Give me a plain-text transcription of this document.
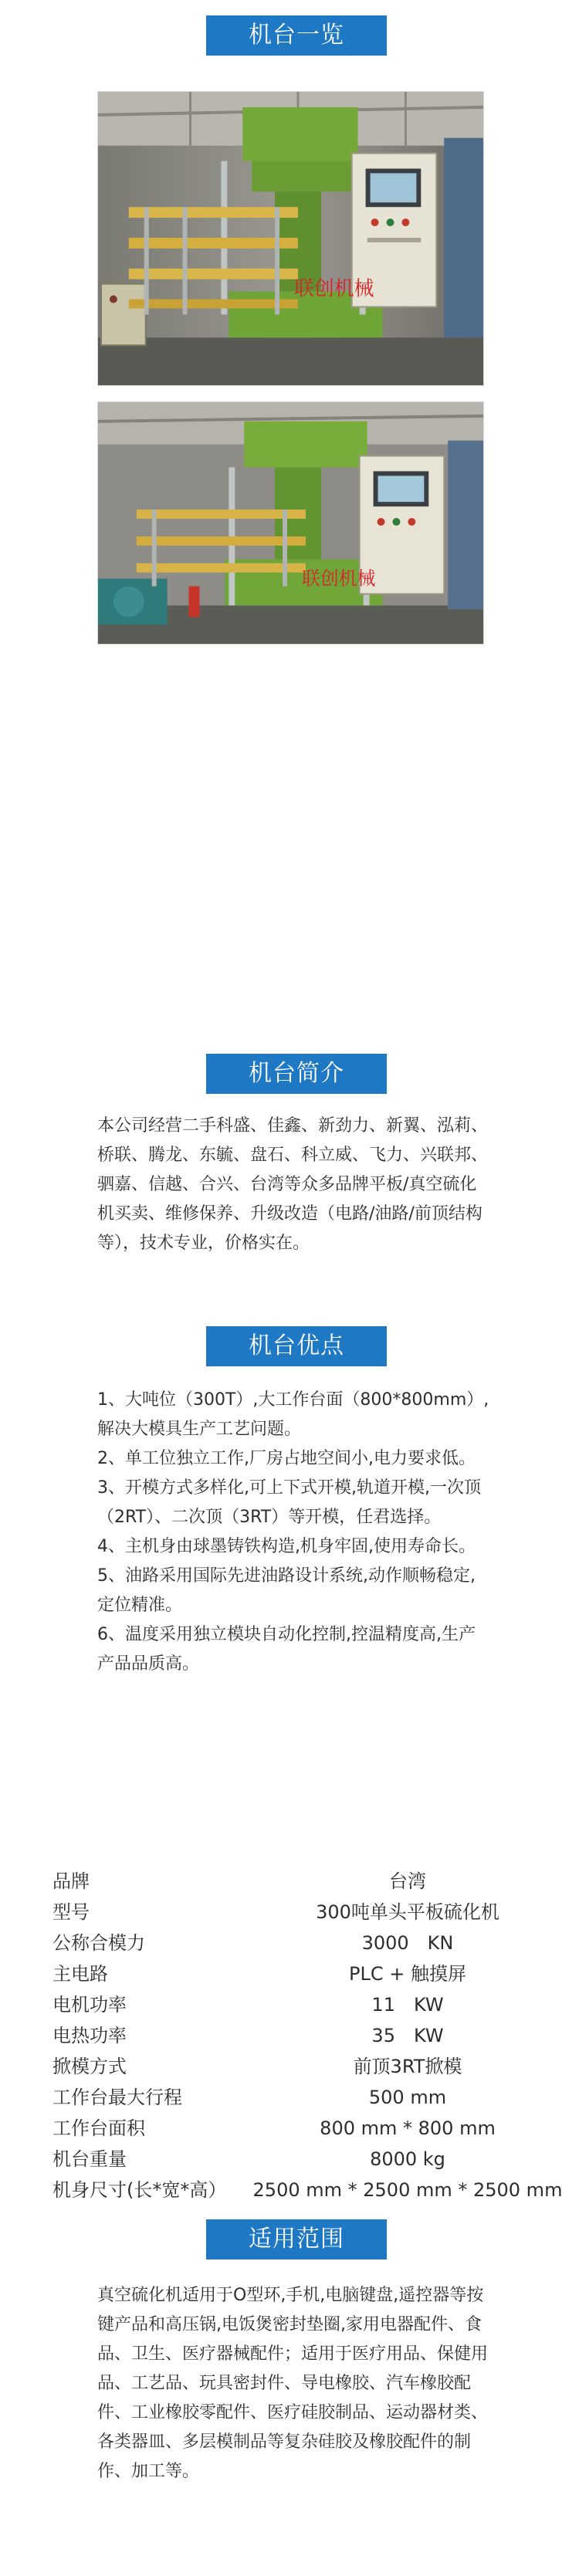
机台一览
联创机械
联创机械
机台简介

本公司经营二手科盛、佳鑫、新劲力、新翼、泓莉、桥联、腾龙、东毓、盘石、科立威、飞力、兴联邦、驷嘉、信越、合兴、台湾等众多品牌平板/真空硫化机买卖、维修保养、升级改造（电路/油路/前顶结构等），技术专业，价格实在。

机台优点

1、大吨位（300T）,大工作台面（800*800mm）,解决大模具生产工艺问题。

2、单工位独立工作,厂房占地空间小,电力要求低。

3、开模方式多样化,可上下式开模,轨道开模,一次顶（2RT）、二次顶（3RT）等开模，任君选择。

4、主机身由球墨铸铁构造,机身牢固,使用寿命长。

5、油路采用国际先进油路设计系统,动作顺畅稳定,定位精准。

6、温度采用独立模块自动化控制,控温精度高,生产产品品质高。

品牌	台湾
型号	300吨单头平板硫化机
公称合模力	3000　KN
主电路	PLC + 触摸屏
电机功率	11　KW
电热功率	35　KW
掀模方式	前顶3RT掀模
工作台最大行程	500 mm
工作台面积	800 mm * 800 mm
机台重量	8000 kg
机身尺寸(长*宽*高）	2500 mm * 2500 mm * 2500 mm
适用范围

真空硫化机适用于O型环,手机,电脑键盘,遥控器等按键产品和高压锅,电饭煲密封垫圈,家用电器配件、食品、卫生、医疗器械配件；适用于医疗用品、保健用品、工艺品、玩具密封件、导电橡胶、汽车橡胶配件、工业橡胶零配件、医疗硅胶制品、运动器材类、各类器皿、多层模制品等复杂硅胶及橡胶配件的制作、加工等。
